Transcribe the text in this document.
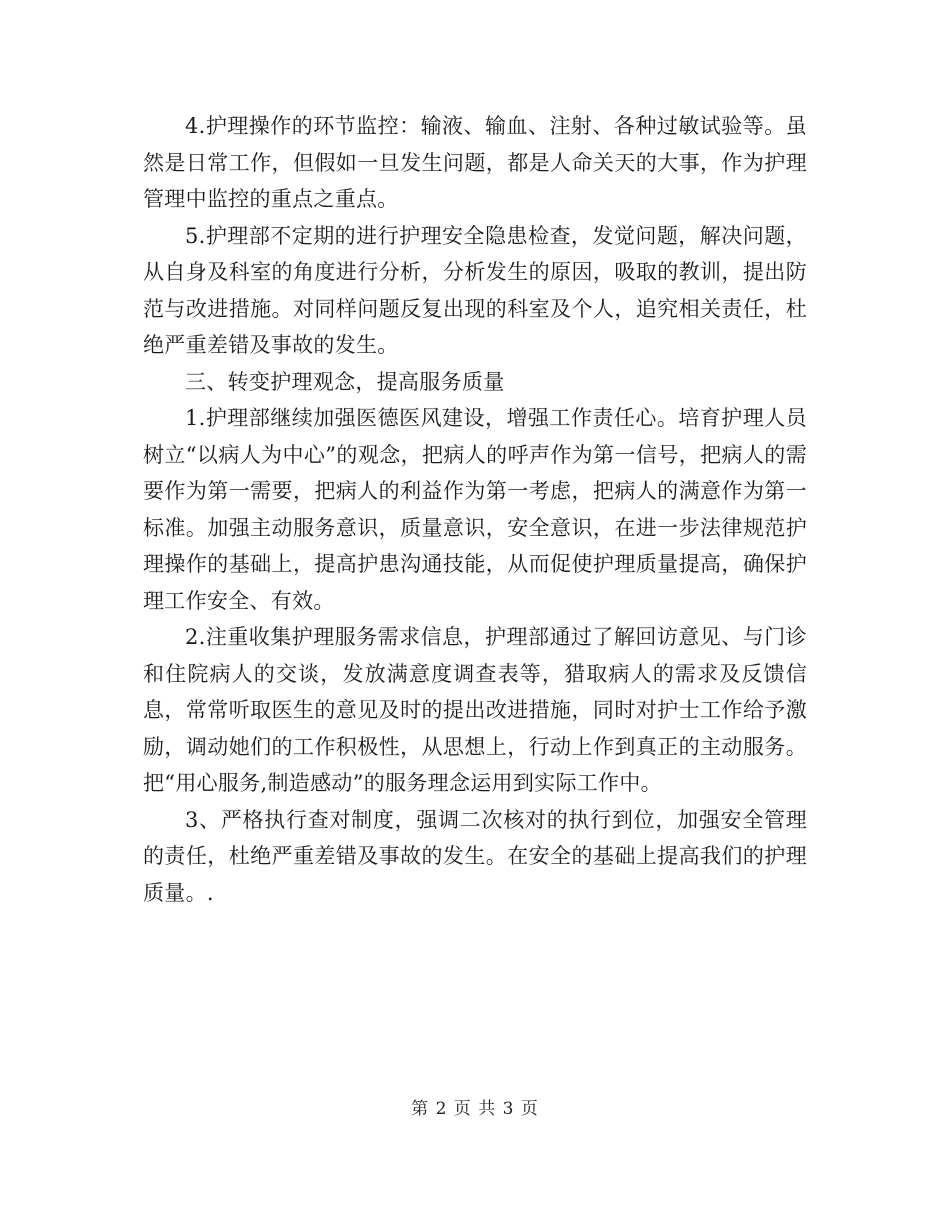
4.护理操作的环节监控：输液、输血、注射、各种过敏试验等。虽然是日常工作，但假如一旦发生问题，都是人命关天的大事，作为护理管理中监控的重点之重点。

5.护理部不定期的进行护理安全隐患检查，发觉问题，解决问题，从自身及科室的角度进行分析，分析发生的原因，吸取的教训，提出防范与改进措施。对同样问题反复出现的科室及个人，追究相关责任，杜绝严重差错及事故的发生。

三、转变护理观念，提高服务质量

1.护理部继续加强医德医风建设，增强工作责任心。培育护理人员树立“以病人为中心”的观念，把病人的呼声作为第一信号，把病人的需要作为第一需要，把病人的利益作为第一考虑，把病人的满意作为第一标准。加强主动服务意识，质量意识，安全意识，在进一步法律规范护理操作的基础上，提高护患沟通技能，从而促使护理质量提高，确保护理工作安全、有效。

2.注重收集护理服务需求信息，护理部通过了解回访意见、与门诊和住院病人的交谈，发放满意度调查表等，猎取病人的需求及反馈信息，常常听取医生的意见及时的提出改进措施，同时对护士工作给予激励，调动她们的工作积极性，从思想上，行动上作到真正的主动服务。把“用心服务,制造感动”的服务理念运用到实际工作中。

3、严格执行查对制度，强调二次核对的执行到位，加强安全管理的责任，杜绝严重差错及事故的发生。在安全的基础上提高我们的护理质量。.

第 2 页 共 3 页
